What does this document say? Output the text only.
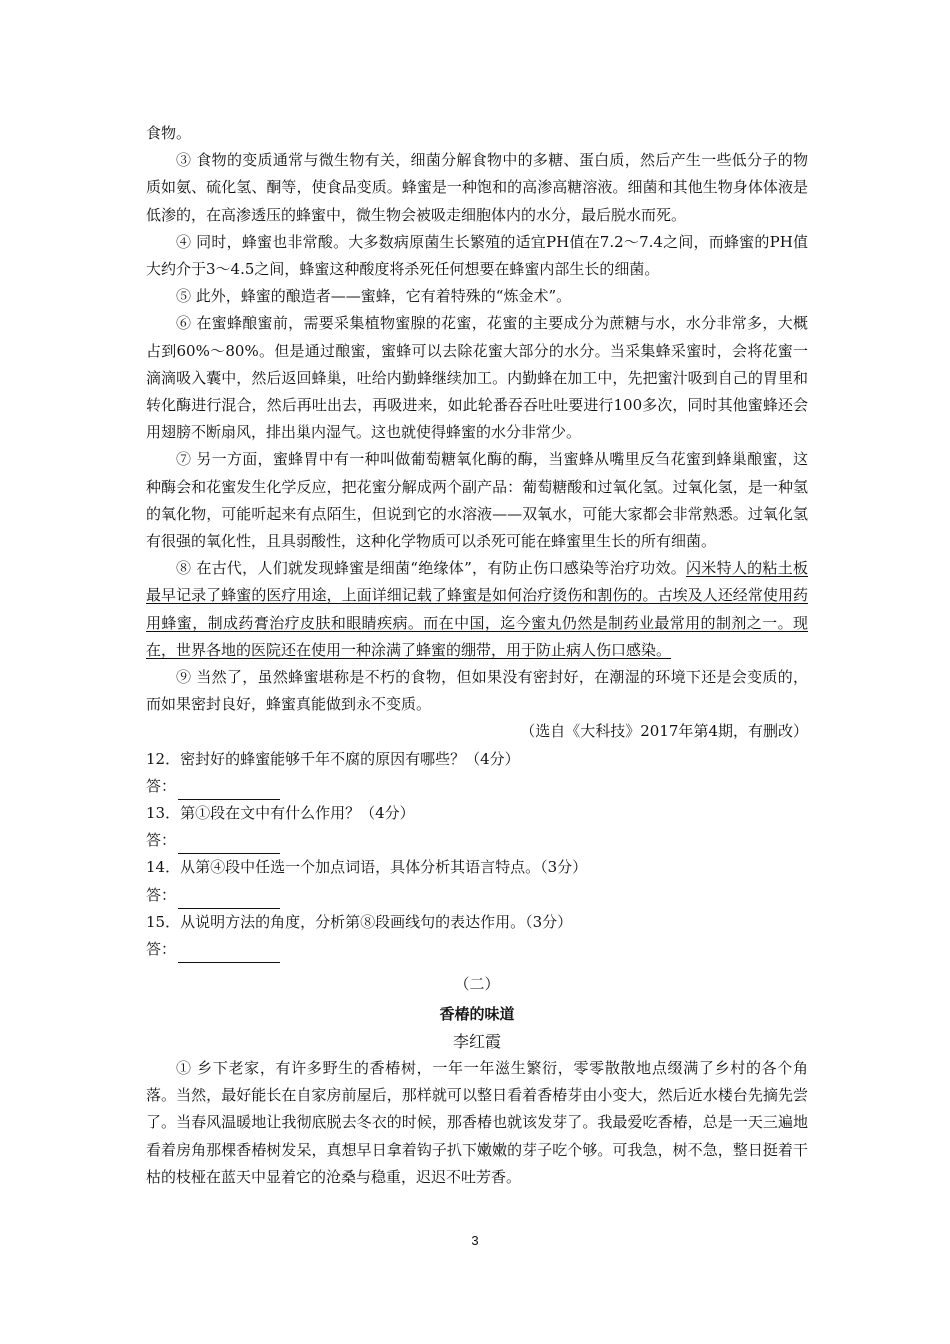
食物。

③ 食物的变质通常与微生物有关，细菌分解食物中的多糖、蛋白质，然后产生一些低分子的物质如氨、硫化氢、酮等，使食品变质。蜂蜜是一种饱和的高渗高糖溶液。细菌和其他生物身体体液是低渗的，在高渗透压的蜂蜜中，微生物会被吸走细胞体内的水分，最后脱水而死。

④ 同时，蜂蜜也非常酸。大多数病原菌生长繁殖的适宜PH值在7.2～7.4之间，而蜂蜜的PH值大约介于3～4.5之间，蜂蜜这种酸度将杀死任何想要在蜂蜜内部生长的细菌。

⑤ 此外，蜂蜜的酿造者——蜜蜂，它有着特殊的“炼金术”。

⑥ 在蜜蜂酿蜜前，需要采集植物蜜腺的花蜜，花蜜的主要成分为蔗糖与水，水分非常多，大概占到60%～80%。但是通过酿蜜，蜜蜂可以去除花蜜大部分的水分。当采集蜂采蜜时，会将花蜜一滴滴吸入囊中，然后返回蜂巢，吐给内勤蜂继续加工。内勤蜂在加工中，先把蜜汁吸到自己的胃里和转化酶进行混合，然后再吐出去，再吸进来，如此轮番吞吞吐吐要进行100多次，同时其他蜜蜂还会用翅膀不断扇风，排出巢内湿气。这也就使得蜂蜜的水分非常少。

⑦ 另一方面，蜜蜂胃中有一种叫做葡萄糖氧化酶的酶，当蜜蜂从嘴里反刍花蜜到蜂巢酿蜜，这种酶会和花蜜发生化学反应，把花蜜分解成两个副产品：葡萄糖酸和过氧化氢。过氧化氢，是一种氢的氧化物，可能听起来有点陌生，但说到它的水溶液——双氧水，可能大家都会非常熟悉。过氧化氢有很强的氧化性，且具弱酸性，这种化学物质可以杀死可能在蜂蜜里生长的所有细菌。

⑧ 在古代，人们就发现蜂蜜是细菌“绝缘体”，有防止伤口感染等治疗功效。闪米特人的粘土板最早记录了蜂蜜的医疗用途，上面详细记载了蜂蜜是如何治疗烫伤和割伤的。古埃及人还经常使用药用蜂蜜，制成药膏治疗皮肤和眼睛疾病。而在中国，迄今蜜丸仍然是制药业最常用的制剂之一。现在，世界各地的医院还在使用一种涂满了蜂蜜的绷带，用于防止病人伤口感染。

⑨ 当然了，虽然蜂蜜堪称是不朽的食物，但如果没有密封好，在潮湿的环境下还是会变质的，而如果密封良好，蜂蜜真能做到永不变质。

（选自《大科技》2017年第4期，有删改）

12．密封好的蜂蜜能够千年不腐的原因有哪些？（4分）

答：

13．第①段在文中有什么作用？（4分）

答：

14．从第④段中任选一个加点词语，具体分析其语言特点。（3分）

答：

15．从说明方法的角度，分析第⑧段画线句的表达作用。（3分）

答：

（二）

香椿的味道

李红霞

① 乡下老家，有许多野生的香椿树，一年一年滋生繁衍，零零散散地点缀满了乡村的各个角落。当然，最好能长在自家房前屋后，那样就可以整日看着香椿芽由小变大，然后近水楼台先摘先尝了。当春风温暖地让我彻底脱去冬衣的时候，那香椿也就该发芽了。我最爱吃香椿，总是一天三遍地看着房角那棵香椿树发呆，真想早日拿着钩子扒下嫩嫩的芽子吃个够。可我急，树不急，整日挺着干枯的枝桠在蓝天中显着它的沧桑与稳重，迟迟不吐芳香。

3
